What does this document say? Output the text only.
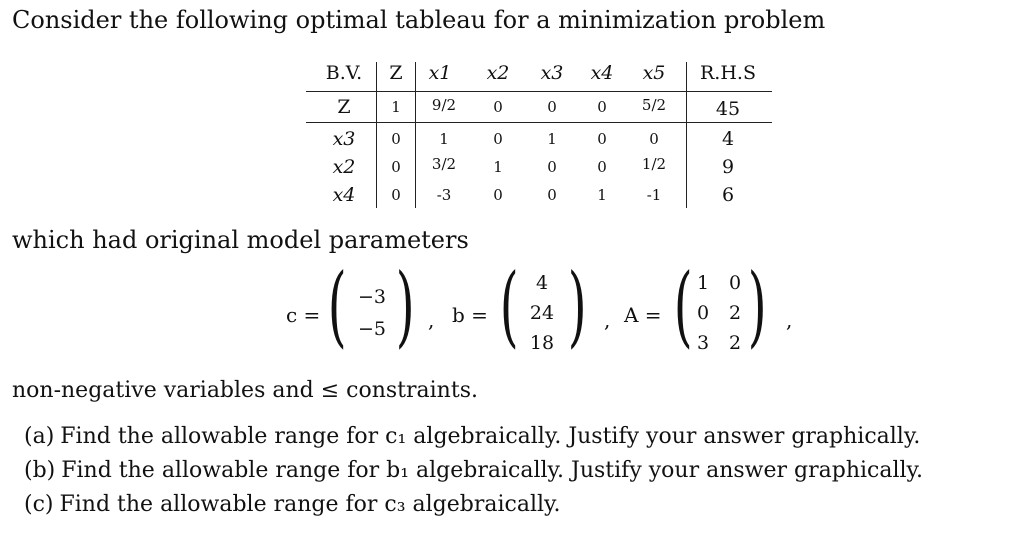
Consider the following optimal tableau for a minimization problem
B.V.	Z	x1	x2	x3	x4	x5	R.H.S
Z	1	9/2	0	0	0	5/2	45
x3	0	1	0	1	0	0	4
x2	0	3/2	1	0	0	1/2	9
x4	0	-3	0	0	1	-1	6
which had original model parameters
c = ( −3
−5 ) , b = ( 4
24
18 ) , A = ( 1 0
0 2
3 2 ) ,
non-negative variables and ≤ constraints.
(a) Find the allowable range for c₁ algebraically. Justify your answer graphically.
(b) Find the allowable range for b₁ algebraically. Justify your answer graphically.
(c) Find the allowable range for c₃ algebraically.
